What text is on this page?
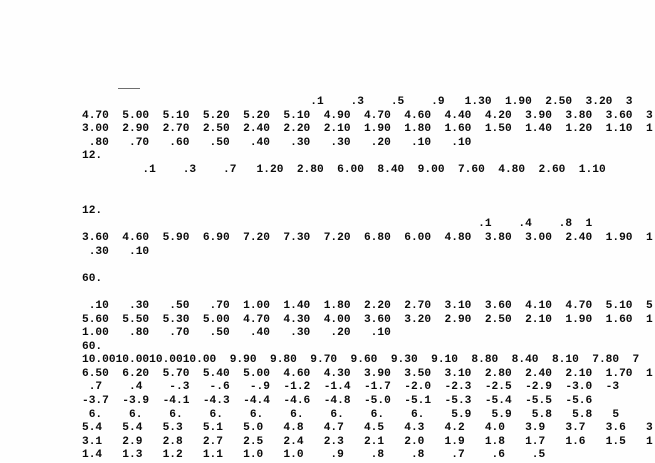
.1    .3    .5    .9   1.30  1.90  2.50  3.20  3
4.70  5.00  5.10  5.20  5.20  5.10  4.90  4.70  4.60  4.40  4.20  3.90  3.80  3.60  3
3.00  2.90  2.70  2.50  2.40  2.20  2.10  1.90  1.80  1.60  1.50  1.40  1.20  1.10  1
.80   .70   .60   .50   .40   .30   .30   .20   .10   .10
12.
.1    .3    .7   1.20  2.80  6.00  8.40  9.00  7.60  4.80  2.60  1.10
12.
.1    .4    .8  1
3.60  4.60  5.90  6.90  7.20  7.30  7.20  6.80  6.00  4.80  3.80  3.00  2.40  1.90  1
.30   .10
60.
.10   .30   .50   .70  1.00  1.40  1.80  2.20  2.70  3.10  3.60  4.10  4.70  5.10  5
5.60  5.50  5.30  5.00  4.70  4.30  4.00  3.60  3.20  2.90  2.50  2.10  1.90  1.60  1
1.00   .80   .70   .50   .40   .30   .20   .10
60.
10.0010.0010.0010.00  9.90  9.80  9.70  9.60  9.30  9.10  8.80  8.40  8.10  7.80  7
6.50  6.20  5.70  5.40  5.00  4.60  4.30  3.90  3.50  3.10  2.80  2.40  2.10  1.70  1
.7    .4    -.3   -.6   -.9  -1.2  -1.4  -1.7  -2.0  -2.3  -2.5  -2.9  -3.0  -3
-3.7  -3.9  -4.1  -4.3  -4.4  -4.6  -4.8  -5.0  -5.1  -5.3  -5.4  -5.5  -5.6
6.    6.    6.    6.    6.    6.    6.    6.    6.    5.9   5.9   5.8   5.8   5
5.4   5.4   5.3   5.1   5.0   4.8   4.7   4.5   4.3   4.2   4.0   3.9   3.7   3.6   3
3.1   2.9   2.8   2.7   2.5   2.4   2.3   2.1   2.0   1.9   1.8   1.7   1.6   1.5   1
1.4   1.3   1.2   1.1   1.0   1.0    .9    .8    .8    .7    .6    .5
